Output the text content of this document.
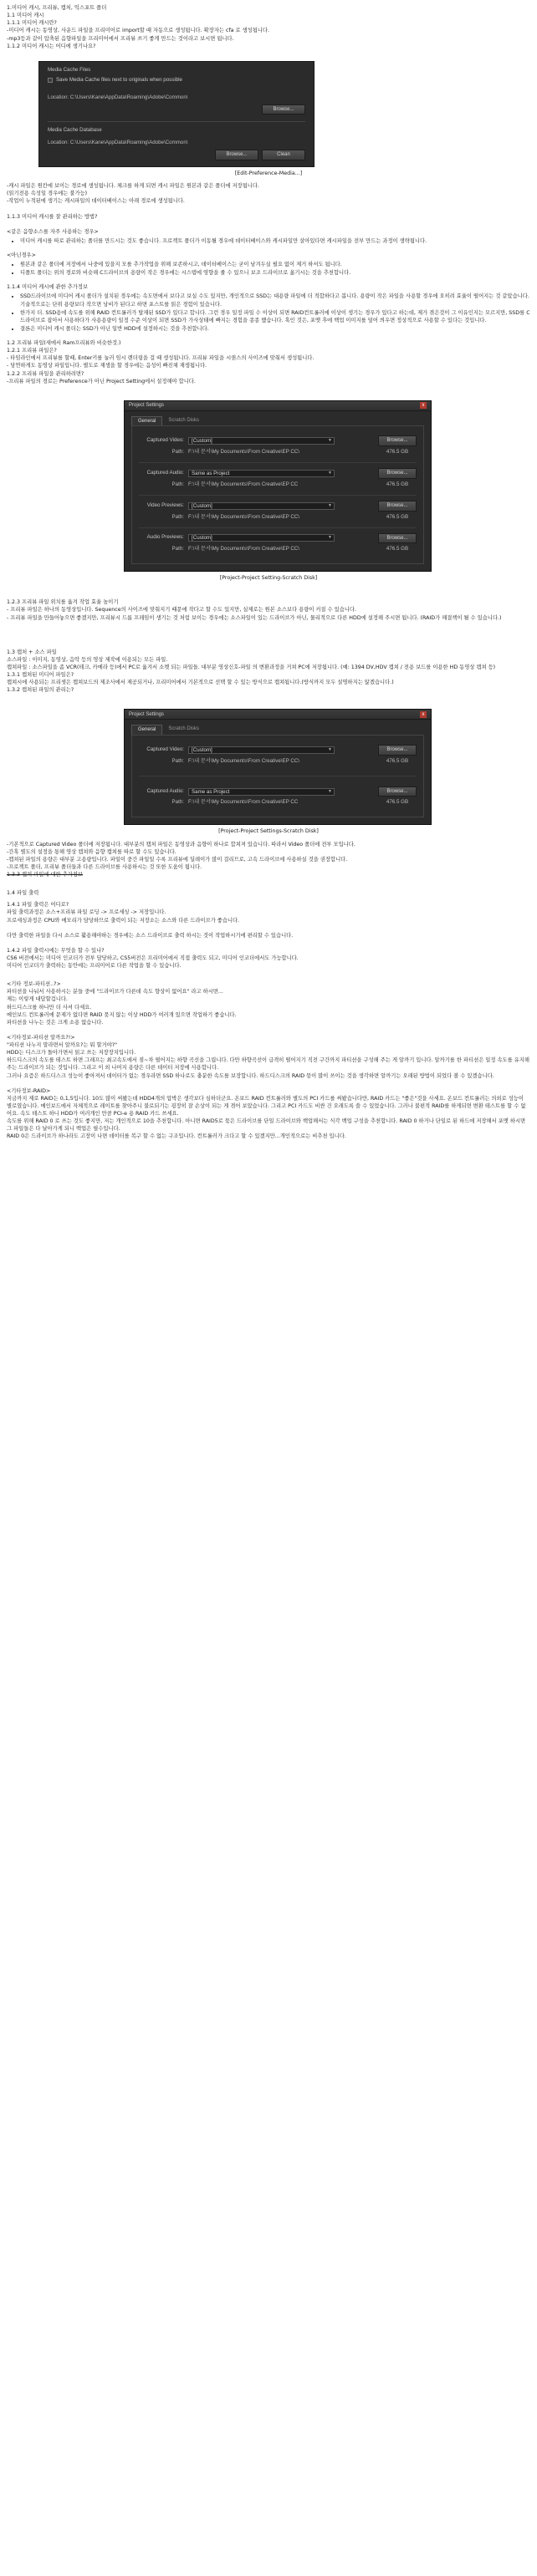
1.미디어 캐시, 프리뷰, 캡처, 익스포트 폴더

1.1 미디어 캐시

1.1.1 미디어 캐시란?

-미디어 캐시는 동영상, 사운드 파일을 프리미어로 import할 때 자동으로 생성됩니다. 확장자는 cfa 로 생성됩니다.

-mp3등과 같이 압축된 음향파일을 프리미어에서 프리뷰 쓰기 좋게 만드는 것이라고 보시면 됩니다.

1.1.2 미디어 캐시는 어디에 생기나요?

Media Cache Files
Save Media Cache files next to originals when possible
Location: C:\Users\Kane\AppData\Roaming\Adobe\Common\
Browse...
Media Cache Database
Location: C:\Users\Kane\AppData\Roaming\Adobe\Common\
Browse...	Clean

[Edit-Preference-Media...]

-캐시 파일은 원칸에 보이는 경로에 생성됩니다. 체크를 하게 되면 캐시 파일은 원본과 같은 폴더에 저장됩니다.

(읽기전용 속성일 경우에는 불가능)

-작업이 누적된에 생기는 캐시파일의 데이터베이스는 아래 경로에 생성됩니다.

1.1.3 미디어 캐시를 잘 관리하는 방법?

<같은 음향소스를 자주 사용하는 경우>

• 미디어 캐시를 따로 관리하는 폴더를 만드시는 것도 좋습니다. 프로젝트 폴더가 이동될 경우에 데이터베이스와 캐시파일만 살아있다면 캐시파일을 전부 만드는 과정이 생략됩니다.

<아닌경우>

• 원본과 같은 폴더에 저장에서 나중에 있을지 모를 추가작업을 위해 보존하시고, 데이터베이스는 굳이 남겨두실 필요 없이 제거 하셔도 됩니다.
• 디폴트 폴더는 위의 경로와 비슷해 C드라이브의 용량이 작은 경우에는 시스템에 영향을 줄 수 있으니 보조 드라이브로 옮기시는 것을 추천합니다.

1.1.4 미디어 캐시에 관한 추가정보

• SSD드라이브에 미디어 캐시 폴더가 설치된 경우에는 속도면에서 보다고 보실 수도 있지만, 개인적으로 SSD는 대용량 파일에 더 적합하다고 봅니다. 용량이 작은 파일을 사용할 경우에 오히려 효율이 떨어지는 것 같았습니다. 기술적으로는 단위 용량보다 작으면 낭비가 된다고 하면 포스트를 읽은 경험이 있습니다.
• 한가지 더. SSD용에 속도를 위해 RAID 컨트롤러가 탑재된 SSD가 있다고 합니다. 그런 경우 일정 파일 수 이상이 되면 RAID컨트롤러에 이상이 생기는 경우가 있다고 하는데, 제가 겪은것이 그 이유인지는 모르지만, SSD를 C드라이브로 잡아서 사용하다가 사용용량이 일정 수준 이상이 되면 SSD가 가사상태에 빠지는 경험을 종종 했습니다. 혹인 것은, 포맷 후에 백업 이미지를 덮어 씌우면 정상적으로 사용할 수 있다는 것입니다.
• 결론은 미디어 캐시 폴더는 SSD가 아닌 일반 HDD에 설정하시는 것을 추천합니다.

1.2 프리뷰 파일(새에서 Ram프리뷰와 비슷한것.)

1.2.1 프리뷰 파일은?

- 타임라인에서 프리뷰를 할때, Enter키를 눌러 임시 렌더링을 걸 때 생성됩니다. 프리뷰 파일을 시퀀스의 사이즈에 맞춰서 생성됩니다.

- 당연하게도 동영상 파일입니다. 별도로 재생을 할 경우에는 음성이 빠진채 재생됩니다.

1.2.2 프리뷰 파일을 관리하려면?

-프리뷰 파일의 경로는 Preference가 아닌 Project Setting에서 설정해야 합니다.

Project Settings	x
General	Scratch Disks
Captured Video:	[Custom]	▼	Browse...
Path: F:\내 문서\My Documents\From Creative\EP CC\	476.5 GB
Captured Audio:	Same as Project	▼	Browse...
Path: F:\내 문서\My Documents\From Creative\EP CC	476.5 GB
Video Previews:	[Custom]	▼	Browse...
Path: F:\내 문서\My Documents\From Creative\EP CC\	476.5 GB
Audio Previews:	[Custom]	▼	Browse...
Path: F:\내 문서\My Documents\From Creative\EP CC\	476.5 GB

[Project-Project Setting-Scratch Disk]

1.2.3 프리뷰 파일 위치를 옮겨 작업 효율 높이기

- 프리뷰 파일은 하나의 동영상입니다. Sequence의 사이즈에 맞춰지기 때문에 작다고 할 수도 있지만, 실제로는 원본 소스보다 용량이 커질 수 있습니다.

- 프리뷰 파일을 만들어놓으면 좋겠지만, 프리뷰시 드롭 프레임이 생기는 것 처럼 보이는 경우에는 소스파일이 있는 드라이브가 아닌, 물리적으로 다른 HDD에 설정해 주시면 됩니다. (RAID가 해결책이 될 수 있습니다.)

1.3 캡처 + 소스 파일

소스파일 : 이미지, 동영상, 음악 등의 영상 제작에 이용되는 모든 파일.

캡쳐파일 : 소스파일을 좀 VCR(테크, 카메라 등)에서 PC로 옮겨서 소켓 되는 파일들. 대부분 영상신호-파일 의 변환과정을 거쳐 PC에 저장됩니다. (예: 1394 DV,HDV 캡쳐 / 전용 보드를 이용한 HD 동영상 캡쳐 등)

1.3.1 캡쳐된 미디어 파일은?

캡쳐시에 사용되는 프리셋은 캡쳐보드의 제조사에서 제공되거나, 프리미어에서 기본적으로 선택 할 수 있는 방식으로 캡쳐됩니다.(방식까지 모두 설명하지는 않겠습니다.)

1.3.2 캡쳐된 파일의 관리는?

Project Settings	x
General	Scratch Disks
Captured Video:	[Custom]	▼	Browse...
Path: F:\내 문서\My Documents\From Creative\EP CC\	476.5 GB
Captured Audio:	Same as Project	▼	Browse...
Path: F:\내 문서\My Documents\From Creative\EP CC	476.5 GB

[Project-Project Settings-Scratch Disk]

-기본적으로 Captured Video 폴더에 저장됩니다. 대부분의 캡처 파일은 동영상과 음향이 하나로 합쳐져 있습니다. 따라서 Video 폴더에 전부 모입니다.

-간혹 별도의 설정을 통해 영상 캡쳐와 음향 캡쳐를 따로 할 수도 있습니다.

-캡쳐된 파일의 용량은 대부분 고용량입니다. 파일이 중간 파일일 수록 프리뷰에 딜레이가 많이 걸리므로, 고속 드라이브에 사용하실 것을 권장합니다.

-프로젝트 폴더, 프리뷰 폴더들과 다른 드라이브를 사용하시는 것 또한 도움이 됩니다.

1.3.3 캡쳐 파일에 대한 추가정보

1.4 파일 출력

1.4.1 파일 출력은 어디로?

파일 출력과정은 소스+프리뷰 파일 로딩 -> 프로세싱 -> 저장입니다.

프로세싱과정은 CPU와 메모리가 담당하므로 출력이 되는 저장소는 소스와 다른 드라이브가 좋습니다.

다만 출력한 파일을 다시 소스로 활용해야하는 경우에는 소스 드라이브로 출력 하시는 것이 작업하시기에 편리할 수 있습니다.

1.4.2 파일 출력시에는 무엇을 할 수 있나?

CS6 버전에서는 미디어 인코더가 전부 담당하고, CS5버전은 프리미어에서 직접 출력도 되고, 미디어 인코더에서도 가능합니다.

미디어 인코더가 출력하는 동안에는 프리미어로 다른 작업을 할 수 있습니다.

<기타 정보-파티션..?>

파티션을 나눠서 사용하시는 분들 중에 "드라이브가 다른데 속도 향상이 없어요" 라고 하시면...

제는 이렇게 대답할겁니다.

하드디스크를 하나만 더 사셔 다세요.

메인보드 컨트롤러에 문제가 없다면 RAID 묶지 않는 이상 HDD가 여러개 있으면 작업하기 좋습니다.

파티션을 나누는 것은 크게 소용 없습니다.

<기타정보-파티션 알까요?!>

"파티션 나누지 말라면서 알까요?는 뭐 할거야?"

HDD는 디스크가 돌아가면서 읽고 쓰는 저장장치입니다.

하드디스크의 속도를 테스트 하면 그래프는 최고속도에서 점~차 떨어지는 하향 곡선을 그립니다. 다만 하향곡선이 급격히 떨어지기 직전 구간까지 파티션을 구성해 주는 게 알까기 입니다. 알까기를 한 파티션은 일정 속도를 유지해 주는 드라이브가 되는 것입니다. 그리고 이 외 나머지 용량은 다른 데이터 저장에 사용합니다.

그러나 요즘은 하드디스크 성능이 좋아져서 데이터가 없는 경우라면 SSD 하나로도 충분한 속도를 보장합니다. 하드디스크의 RAID 묶이 많이 쓰이는 것을 생각하면 알까기는 오래된 방법이 되었다 볼 수 있겠습니다.

<기타정보-RAID>

지금까지 제로 RAID는 0,1,5입니다. 10도 많이 써봤는데 HDD4개의 압박은 생각보다 심하더군요. 온보드 RAID 컨트롤러와 별도의 PCI 카드를 써봤습니다만, RAID 카드는 "좋은"것을 사세요. 온보드 컨트롤러는 의외로 성능이 별로였습니다. 메인보드에서 자체적으로 레이트를 찾아주니 불로되기는 굉장히 잘 손상이 되는 게 겪어 보았습니다. 그리고 PCI 카드도 비싼 건 오래도록 쓸 수 있었습니다. 그러나 불편적 RAID를 하게되면 변환 테스트를 할 수 없어요. 속도 테스트 하니 HDD가 여러개인 만큼 PCI-e 용 RAID 카드 쓰세요.

속도를 위해 RAID 0 로 쓰는 것도 좋지만, 저는 개인적으로 10을 추천합니다. 아니면 RAID5로 묶은 드라이브를 단일 드라이브와 백업해서는 식각 백업 구성을 추천합니다. RAID 0 하거나 단일로 된 하드에 저장해서 포맷 하시면 그 파일들은 다 날아가게 되니 백업은 필수입니다.

RAID 0은 드라이브가 하나라도 고장이 나면 데이터를 복구 할 수 없는 구조입니다. 컨트롤러가 크다고 할 수 있겠지만...개인적으로는 비추천 입니다.
